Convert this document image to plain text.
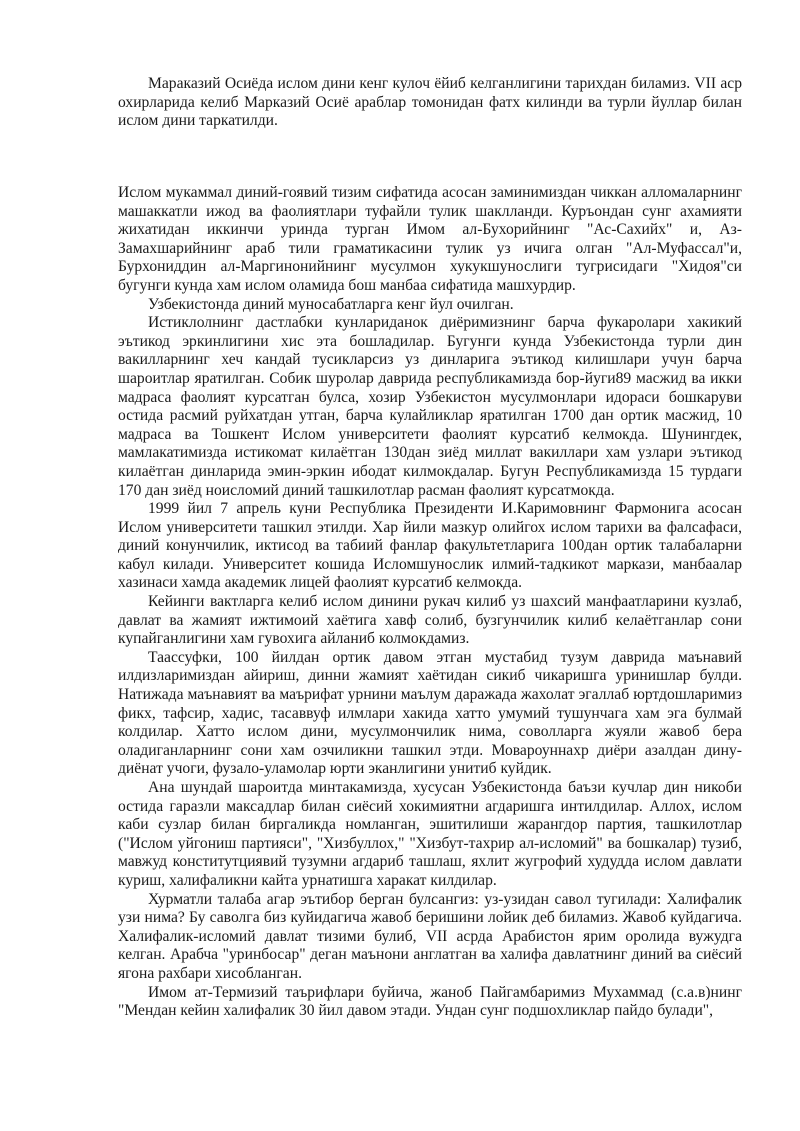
Мараказий Осиёда ислом дини кенг кулоч ёйиб келганлигини тарихдан биламиз. VII аср охирларида келиб Марказий Осиё араблар томонидан фатх килинди ва турли йуллар билан ислом дини таркатилди.

Ислом мукаммал диний-гоявий тизим сифатида асосан заминимиздан чиккан алломаларнинг машаккатли ижод ва фаолиятлари туфайли тулик шаклланди. Куръондан сунг ахамияти жихатидан иккинчи уринда турган Имом ал-Бухорийнинг "Ас-Сахийх" и, Аз-Замахшарийнинг араб тили граматикасини тулик уз ичига олган "Ал-Муфассал"и, Бурхониддин ал-Маргинонийнинг мусулмон хукукшунослиги тугрисидаги "Хидоя"си бугунги кунда хам ислом оламида бош манбаа сифатида машхурдир.

Узбекистонда диний муносабатларга кенг йул очилган.

Истиклолнинг дастлабки кунлариданок диёримизнинг барча фукаролари хакикий эътикод эркинлигини хис эта бошладилар. Бугунги кунда Узбекистонда турли дин вакилларнинг хеч кандай тусикларсиз уз динларига эътикод килишлари учун барча шароитлар яратилган. Собик шуролар даврида республикамизда бор-йуги89 масжид ва икки мадраса фаолият курсатган булса, хозир Узбекистон мусулмонлари идораси бошкаруви остида расмий руйхатдан утган, барча кулайликлар яратилган 1700 дан ортик масжид, 10 мадраса ва Тошкент Ислом университети фаолият курсатиб келмокда. Шунингдек, мамлакатимизда истикомат килаётган 130дан зиёд миллат вакиллари хам узлари эътикод килаётган динларида эмин-эркин ибодат килмокдалар. Бугун Республикамизда 15 турдаги 170 дан зиёд ноисломий диний ташкилотлар расман фаолият курсатмокда.

1999 йил 7 апрель куни Республика Президенти И.Каримовнинг Фармонига асосан Ислом университети ташкил этилди. Хар йили мазкур олийгох ислом тарихи ва фалсафаси, диний конунчилик, иктисод ва табиий фанлар факультетларига 100дан ортик талабаларни кабул килади. Университет кошида Исломшунослик илмий-тадкикот маркази, манбаалар хазинаси хамда академик лицей фаолият курсатиб келмокда.

Кейинги вактларга келиб ислом динини рукач килиб уз шахсий манфаатларини кузлаб, давлат ва жамият ижтимоий хаётига хавф солиб, бузгунчилик килиб келаётганлар сони купайганлигини хам гувохига айланиб колмокдамиз.

Таассуфки, 100 йилдан ортик давом этган мустабид тузум даврида маънавий илдизларимиздан айириш, динни жамият хаётидан сикиб чикаришга уринишлар булди. Натижада маънавият ва маърифат урнини маълум даражада жахолат эгаллаб юртдошларимиз фикх, тафсир, хадис, тасаввуф илмлари хакида хатто умумий тушунчага хам эга булмай колдилар. Хатто ислом дини, мусулмончилик нима, соволларга жуяли жавоб бера оладиганларнинг сони хам озчиликни ташкил этди. Мовароуннахр диёри азалдан дину-диёнат учоги, фузало-уламолар юрти эканлигини унитиб куйдик.

Ана шундай шароитда минтакамизда, хусусан Узбекистонда баъзи кучлар дин никоби остида гаразли максадлар билан сиёсий хокимиятни агдаришга интилдилар. Аллох, ислом каби сузлар билан биргаликда номланган, эшитилиши жарангдор партия, ташкилотлар ("Ислом уйгониш партияси", "Хизбуллох," "Хизбут-тахрир ал-исломий" ва бошкалар) тузиб, мавжуд конститутциявий тузумни агдариб ташлаш, яхлит жугрофий худудда ислом давлати куриш, халифаликни кайта урнатишга харакат килдилар.

Хурматли талаба агар эътибор берган булсангиз: уз-узидан савол тугилади: Халифалик узи нима? Бу саволга биз куйидагича жавоб беришини лойик деб биламиз. Жавоб куйдагича. Халифалик-исломий давлат тизими булиб, VII асрда Арабистон ярим оролида вужудга келган. Арабча "уринбосар" деган маънони англатган ва халифа давлатнинг диний ва сиёсий ягона рахбари хисобланган.

Имом ат-Термизий таърифлари буйича, жаноб Пайгамбаримиз Мухаммад (с.а.в)нинг "Мендан кейин халифалик 30 йил давом этади. Ундан сунг подшохликлар пайдо булади",
